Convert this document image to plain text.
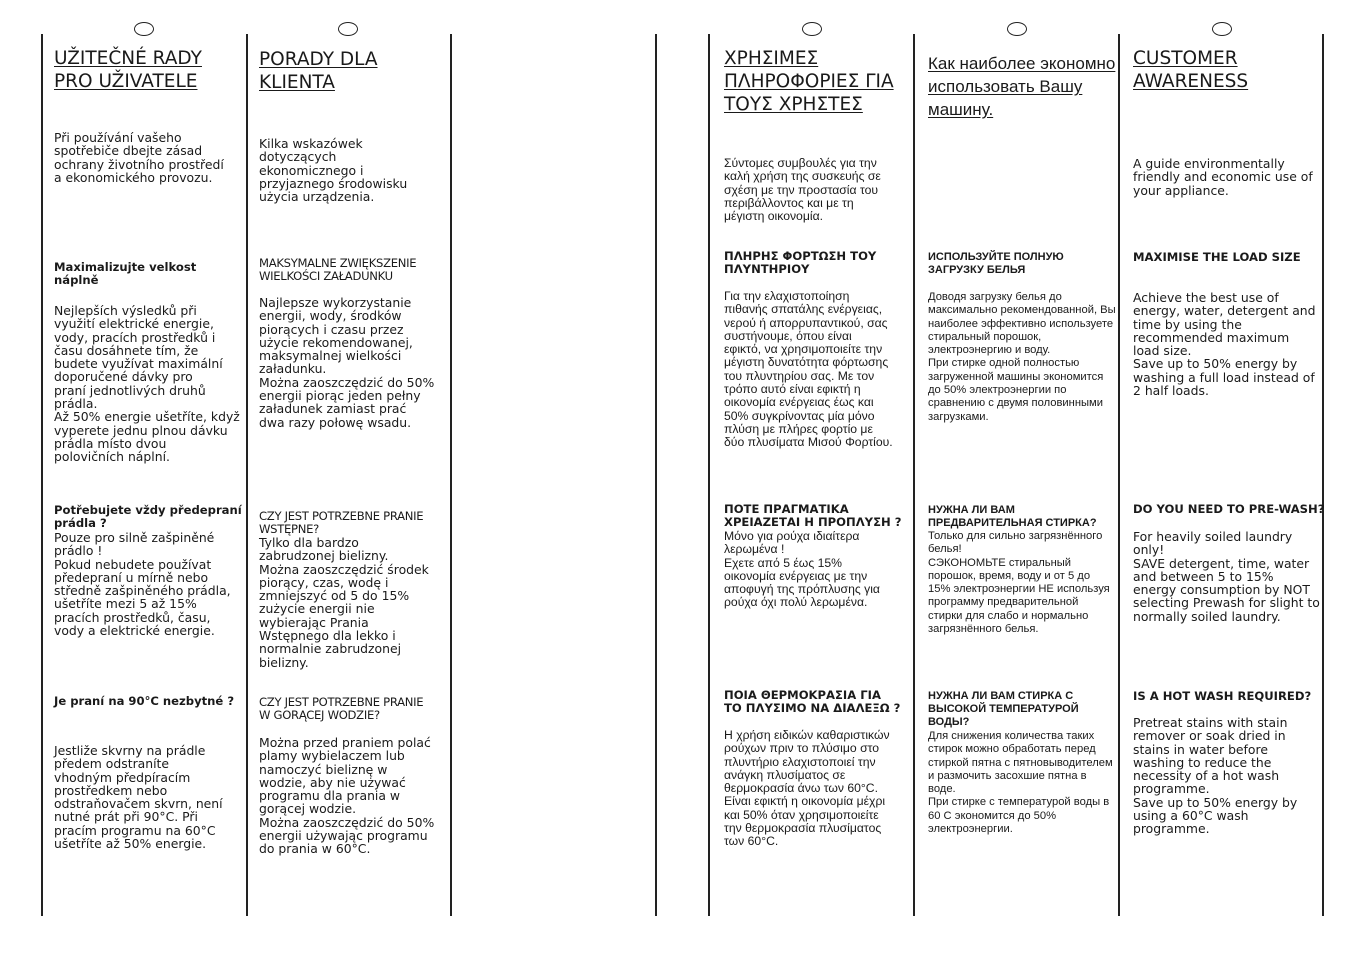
UŽITEČNÉ RADY
PRO UŽIVATELE
Při používání vašeho
spotřebiče dbejte zásad
ochrany životního prostředí
a ekonomického provozu.
Maximalizujte velkost
náplně
Nejlepších výsledků při
využití elektrické energie,
vody, pracích prostředků i
času dosáhnete tím, že
budete využívat maximální
doporučené dávky pro
praní jednotlivých druhů
prádla.
Až 50% energie ušetříte, když
vyperete jednu plnou dávku
prádla místo dvou
polovičních náplní.
Potřebujete vždy předepraní
prádla ?
Pouze pro silně zašpiněné
prádlo !
Pokud nebudete používat
předepraní u mírně nebo
středně zašpiněného prádla,
ušetříte mezi 5 až 15%
pracích prostředků, času,
vody a elektrické energie.
Je praní na 90°C nezbytné ?
Jestliže skvrny na prádle
předem odstraníte
vhodným předpíracím
prostředkem nebo
odstraňovačem skvrn, není
nutné prát při 90°C. Při
pracím programu na 60°C
ušetříte až 50% energie.
PORADY DLA
KLIENTA
Kilka wskazówek
dotyczących
ekonomicznego i
przyjaznego środowisku
użycia urządzenia.
MAKSYMALNE ZWIĘKSZENIE
WIELKOŚCI ZAŁADUNKU
Najlepsze wykorzystanie
energii, wody, środków
piorących i czasu przez
użycie rekomendowanej,
maksymalnej wielkości
załadunku.
Można zaoszczędzić do 50%
energii piorąc jeden pełny
załadunek zamiast prać
dwa razy połowę wsadu.
CZY JEST POTRZEBNE PRANIE
WSTĘPNE?
Tylko dla bardzo
zabrudzonej bielizny.
Można zaoszczędzić środek
piorący, czas, wodę i
zmniejszyć od 5 do 15%
zużycie energii nie
wybierając Prania
Wstępnego dla lekko i
normalnie zabrudzonej
bielizny.
CZY JEST POTRZEBNE PRANIE
W GORĄCEJ WODZIE?
Można przed praniem polać
plamy wybielaczem lub
namoczyć bieliznę w
wodzie, aby nie używać
programu dla prania w
gorącej wodzie.
Można zaoszczędzić do 50%
energii używając programu
do prania w 60°C.
ΧΡΗΣΙΜΕΣ
ΠΛΗΡΟΦΟΡΙΕΣ ΓΙΑ
ΤΟΥΣ ΧΡΗΣΤΕΣ
Σύντομες συμβουλές για την
καλή χρήση της συσκευής σε
σχέση με την προστασία του
περιβάλλοντος και με τη
μέγιστη οικονομία.
ΠΛΗΡΗΣ ΦΟΡΤΩΣΗ ΤΟΥ
ΠΛΥΝΤΗΡΙΟΥ
Για την ελαχιστοποίηση
πιθανής σπατάλης ενέργειας,
νερού ή απορρυπαντικού, σας
συστήνουμε, όπου είναι
εφικτό, να χρησιμοποιείτε την
μέγιστη δυνατότητα φόρτωσης
του πλυντηρίου σας. Με τον
τρόπο αυτό είναι εφικτή η
οικονομία ενέργειας έως και
50% συγκρίνοντας μία μόνο
πλύση με πλήρες φορτίο με
δύο πλυσίματα Μισού Φορτίου.
ΠΟΤΕ ΠΡΑΓΜΑΤΙΚΑ
ΧΡΕΙΑΖΕΤΑΙ Η ΠΡΟΠΛΥΣΗ ?
Μόνο για ρούχα ιδιαίτερα
λερωμένα !
Εχετε από 5 έως 15%
οικονομία ενέργειας με την
αποφυγή της πρόπλυσης για
ρούχα όχι πολύ λερωμένα.
ΠΟΙΑ ΘΕΡΜΟΚΡΑΣΙΑ ΓΙΑ
ΤΟ ΠΛΥΣΙΜΟ ΝΑ ΔΙΑΛΕΞΩ ?
Η χρήση ειδικών καθαριστικών
ρούχων πριν το πλύσιμο στο
πλυντήριο ελαχιστοποιεί την
ανάγκη πλυσίματος σε
θερμοκρασία άνω των 60°C.
Είναι εφικτή η οικονομία μέχρι
και 50% όταν χρησιμοποιείτε
την θερμοκρασία πλυσίματος
των 60°C.
Как наиболее экономно
использовать Вашу
машину.
ИСПОЛЬЗУЙТЕ ПОЛНУЮ
ЗАГРУЗКУ БЕЛЬЯ
Доводя загрузку белья до
максимально рекомендованной, Вы
наиболее эффективно используете
стиральный порошок,
электроэнергию и воду.
При стирке одной полностью
загруженной машины экономится
до 50% электроэнергии по
сравнению с двумя половинными
загрузками.
НУЖНА ЛИ ВАМ
ПРЕДВАРИТЕЛЬНАЯ СТИРКА?
Только для сильно загрязнённого
белья!
СЭКОНОМЬТЕ стиральный
порошок, время, воду и от 5 до
15% электроэнергии НЕ используя
программу предварительной
стирки для слабо и нормально
загрязнённого белья.
НУЖНА ЛИ ВАМ СТИРКА С
ВЫСОКОЙ ТЕМПЕРАТУРОЙ
ВОДЫ?
Для снижения количества таких
стирок можно обработать перед
стиркой пятна с пятновыводителем
и размочить засохшие пятна в
воде.
При стирке с температурой воды в
60 С экономится до 50%
электроэнергии.
CUSTOMER
AWARENESS
A guide environmentally
friendly and economic use of
your appliance.
MAXIMISE THE LOAD SIZE
Achieve the best use of
energy, water, detergent and
time by using the
recommended maximum
load size.
Save up to 50% energy by
washing a full load instead of
2 half loads.
DO YOU NEED TO PRE-WASH?
For heavily soiled laundry
only!
SAVE detergent, time, water
and between 5 to 15%
energy consumption by NOT
selecting Prewash for slight to
normally soiled laundry.
IS A HOT WASH REQUIRED?
Pretreat stains with stain
remover or soak dried in
stains in water before
washing to reduce the
necessity of a hot wash
programme.
Save up to 50% energy by
using a 60°C wash
programme.
